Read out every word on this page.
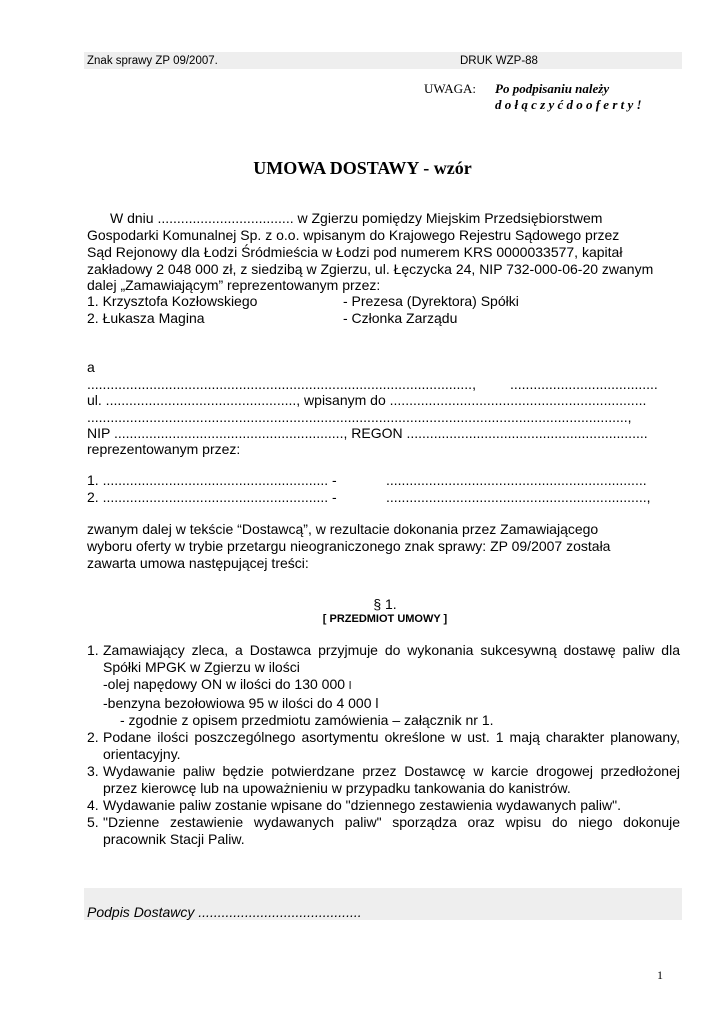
Znak sprawy ZP 09/2007.	DRUK WZP-88
UWAGA: Po podpisaniu należy
d o ł ą c z y ć d o o f e r t y !
UMOWA DOSTAWY - wzór
W dniu ................................... w Zgierzu pomiędzy Miejskim Przedsiębiorstwem
Gospodarki Komunalnej Sp. z o.o. wpisanym do Krajowego Rejestru Sądowego przez
Sąd Rejonowy dla Łodzi Śródmieścia w Łodzi pod numerem KRS 0000033577, kapitał
zakładowy 2 048 000 zł, z siedzibą w Zgierzu, ul. Łęczycka 24, NIP 732-000-06-20 zwanym
dalej „Zamawiającym” reprezentowanym przez:
1. Krzysztofa Kozłowskiego	- Prezesa (Dyrektora) Spółki
2. Łukasza Magina	- Członka Zarządu
a
..................................................................................................., ......................................
ul. ................................................., wpisanym do ..................................................................
...........................................................................................................................................,
NIP ..........................................................., REGON ..............................................................
reprezentowanym przez:
1. .......................................................... -	...................................................................
2. .......................................................... -	...................................................................,
zwanym dalej w tekście “Dostawcą”, w rezultacie dokonania przez Zamawiającego
wyboru oferty w trybie przetargu nieograniczonego znak sprawy: ZP 09/2007 została
zawarta umowa następującej treści:
§ 1.
[ PRZEDMIOT UMOWY ]
1. Zamawiający zleca, a Dostawca przyjmuje do wykonania sukcesywną dostawę paliw dla Spółki MPGK w Zgierzu w ilości
-olej napędowy ON w ilości do 130 000 l
-benzyna bezołowiowa 95 w ilości do 4 000 l
- zgodnie z opisem przedmiotu zamówienia – załącznik nr 1.
2. Podane ilości poszczególnego asortymentu określone w ust. 1 mają charakter planowany, orientacyjny.
3. Wydawanie paliw będzie potwierdzane przez Dostawcę w karcie drogowej przedłożonej przez kierowcę lub na upoważnieniu w przypadku tankowania do kanistrów.
4. Wydawanie paliw zostanie wpisane do "dziennego zestawienia wydawanych paliw".
5. "Dzienne zestawienie wydawanych paliw" sporządza oraz wpisu do niego dokonuje pracownik Stacji Paliw.
Podpis Dostawcy ..........................................
1
